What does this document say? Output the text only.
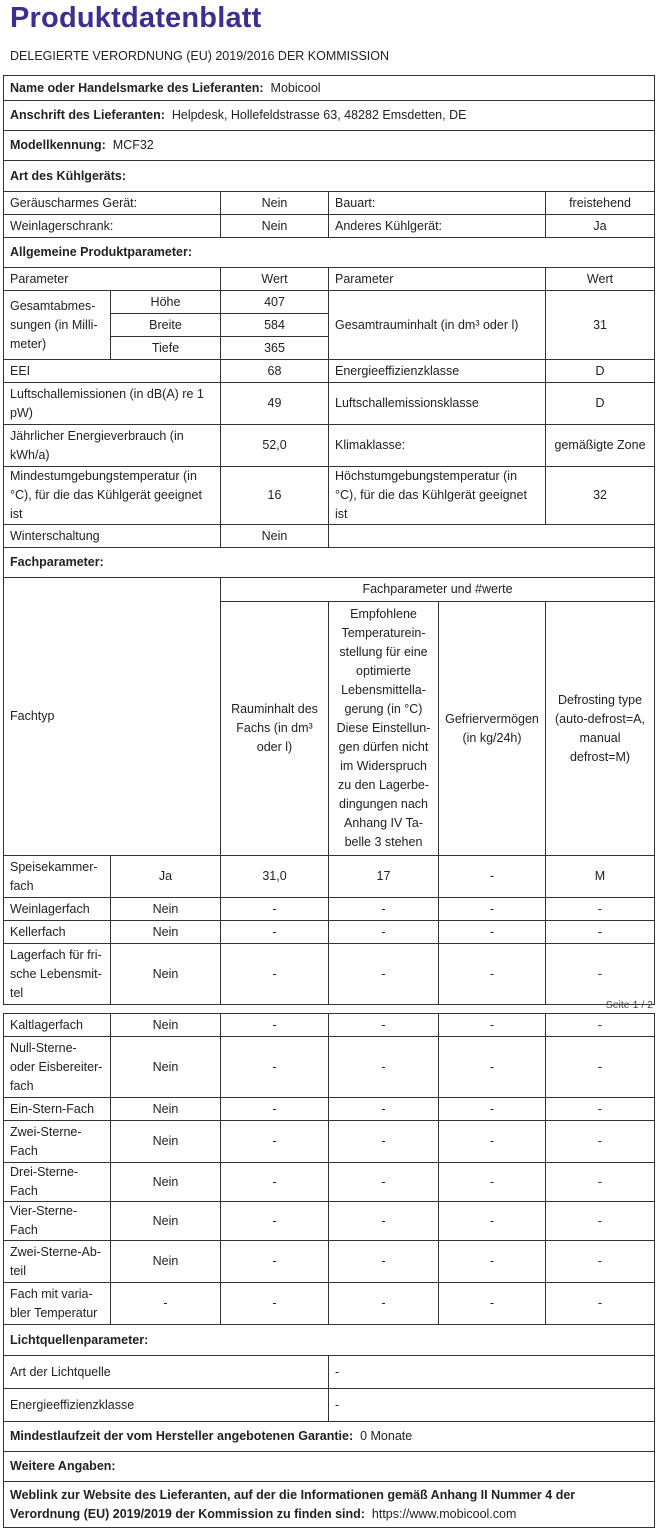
Produktdatenblatt
DELEGIERTE VERORDNUNG (EU) 2019/2016 DER KOMMISSION
Name oder Handelsmarke des Lieferanten: Mobicool					
Anschrift des Lieferanten: Helpdesk, Hollefeldstrasse 63, 48282 Emsdetten, DE					
Modellkennung: MCF32					
Art des Kühlgeräts:					
Geräuscharmes Gerät:		Nein	Bauart:		freistehend
Weinlagerschrank:		Nein	Anderes Kühlgerät:		Ja
Allgemeine Produktparameter:					
Parameter		Wert	Parameter		Wert
Gesamtabmessungen (in Millimeter)	Höhe	407	Gesamtrauminhalt (in dm³ oder l)		31
	Breite	584			
	Tiefe	365			
EEI		68	Energieeffizienzklasse		D
Luftschallemissionen (in dB(A) re 1 pW)		49	Luftschallemissionsklasse		D
Jährlicher Energieverbrauch (in kWh/a)		52,0	Klimaklasse:		gemäßigte Zone
Mindestumgebungstemperatur (in °C), für die das Kühlgerät geeignet ist		16	Höchstumgebungstemperatur (in °C), für die das Kühlgerät geeignet ist		32
Winterschaltung		Nein			
Fachparameter:					
Fachtyp		Fachparameter und #werte			
		Rauminhalt des Fachs (in dm³ oder l)	Empfohlene Temperatureinstellung für eine optimierte Lebensmittellagerung (in °C) Diese Einstellungen dürfen nicht im Widerspruch zu den Lagerbedingungen nach Anhang IV Tabelle 3 stehen	Gefriervermögen (in kg/24h)	Defrosting type (auto-defrost=A, manual defrost=M)
Speisekammerfach	Ja	31,0	17	-	M
Weinlagerfach	Nein	-	-	-	-
Kellerfach	Nein	-	-	-	-
Lagerfach für frische Lebensmittel	Nein	-	-	-	-
Seite 1 / 2
Kaltlagerfach	Nein	-	-	-	-
Null-Sterne- oder Eisbereiterfach	Nein	-	-	-	-
Ein-Stern-Fach	Nein	-	-	-	-
Zwei-Sterne-Fach	Nein	-	-	-	-
Drei-Sterne-Fach	Nein	-	-	-	-
Vier-Sterne-Fach	Nein	-	-	-	-
Zwei-Sterne-Abteil	Nein	-	-	-	-
Fach mit variabler Temperatur	-	-	-	-	-
Lichtquellenparameter:					
Art der Lichtquelle			-		
Energieeffizienzklasse			-		
Mindestlaufzeit der vom Hersteller angebotenen Garantie: 0 Monate					
Weitere Angaben:					
Weblink zur Website des Lieferanten, auf der die Informationen gemäß Anhang II Nummer 4 der Verordnung (EU) 2019/2019 der Kommission zu finden sind: https://www.mobicool.com					
